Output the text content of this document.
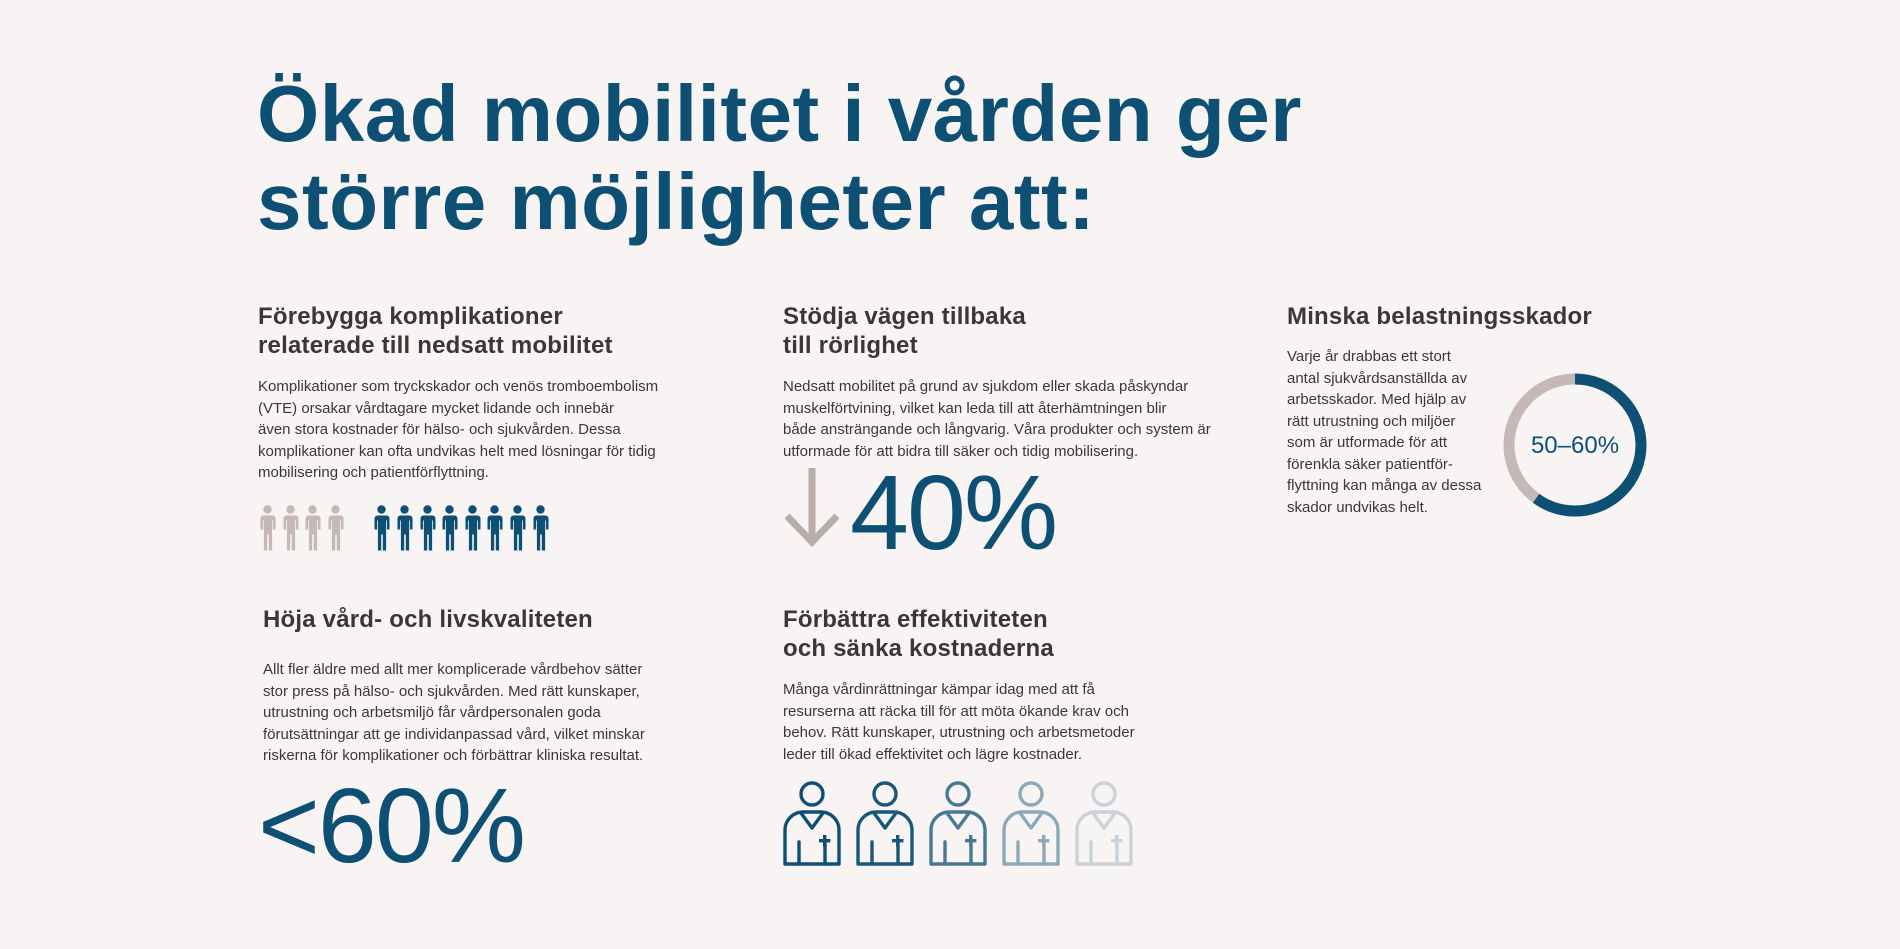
Ökad mobilitet i vården ger
större möjligheter att:
Förebygga komplikationer
relaterade till nedsatt mobilitet

Komplikationer som tryckskador och venös tromboembolism
(VTE) orsakar vårdtagare mycket lidande och innebär
även stora kostnader för hälso- och sjukvården. Dessa
komplikationer kan ofta undvikas helt med lösningar för tidig
mobilisering och patientförflyttning.

Stödja vägen tillbaka
till rörlighet

Nedsatt mobilitet på grund av sjukdom eller skada påskyndar
muskelförtvining, vilket kan leda till att återhämtningen blir
både ansträngande och långvarig. Våra produkter och system är
utformade för att bidra till säker och tidig mobilisering.

40%
Minska belastningsskador

Varje år drabbas ett stort
antal sjukvårdsanställda av
arbetsskador. Med hjälp av
rätt utrustning och miljöer
som är utformade för att
förenkla säker patientför-
flyttning kan många av dessa
skador undvikas helt.

50–60%
Höja vård- och livskvaliteten

Allt fler äldre med allt mer komplicerade vårdbehov sätter
stor press på hälso- och sjukvården. Med rätt kunskaper,
utrustning och arbetsmiljö får vårdpersonalen goda
förutsättningar att ge individanpassad vård, vilket minskar
riskerna för komplikationer och förbättrar kliniska resultat.

<60%
Förbättra effektiviteten
och sänka kostnaderna

Många vårdinrättningar kämpar idag med att få
resurserna att räcka till för att möta ökande krav och
behov. Rätt kunskaper, utrustning och arbetsmetoder
leder till ökad effektivitet och lägre kostnader.
